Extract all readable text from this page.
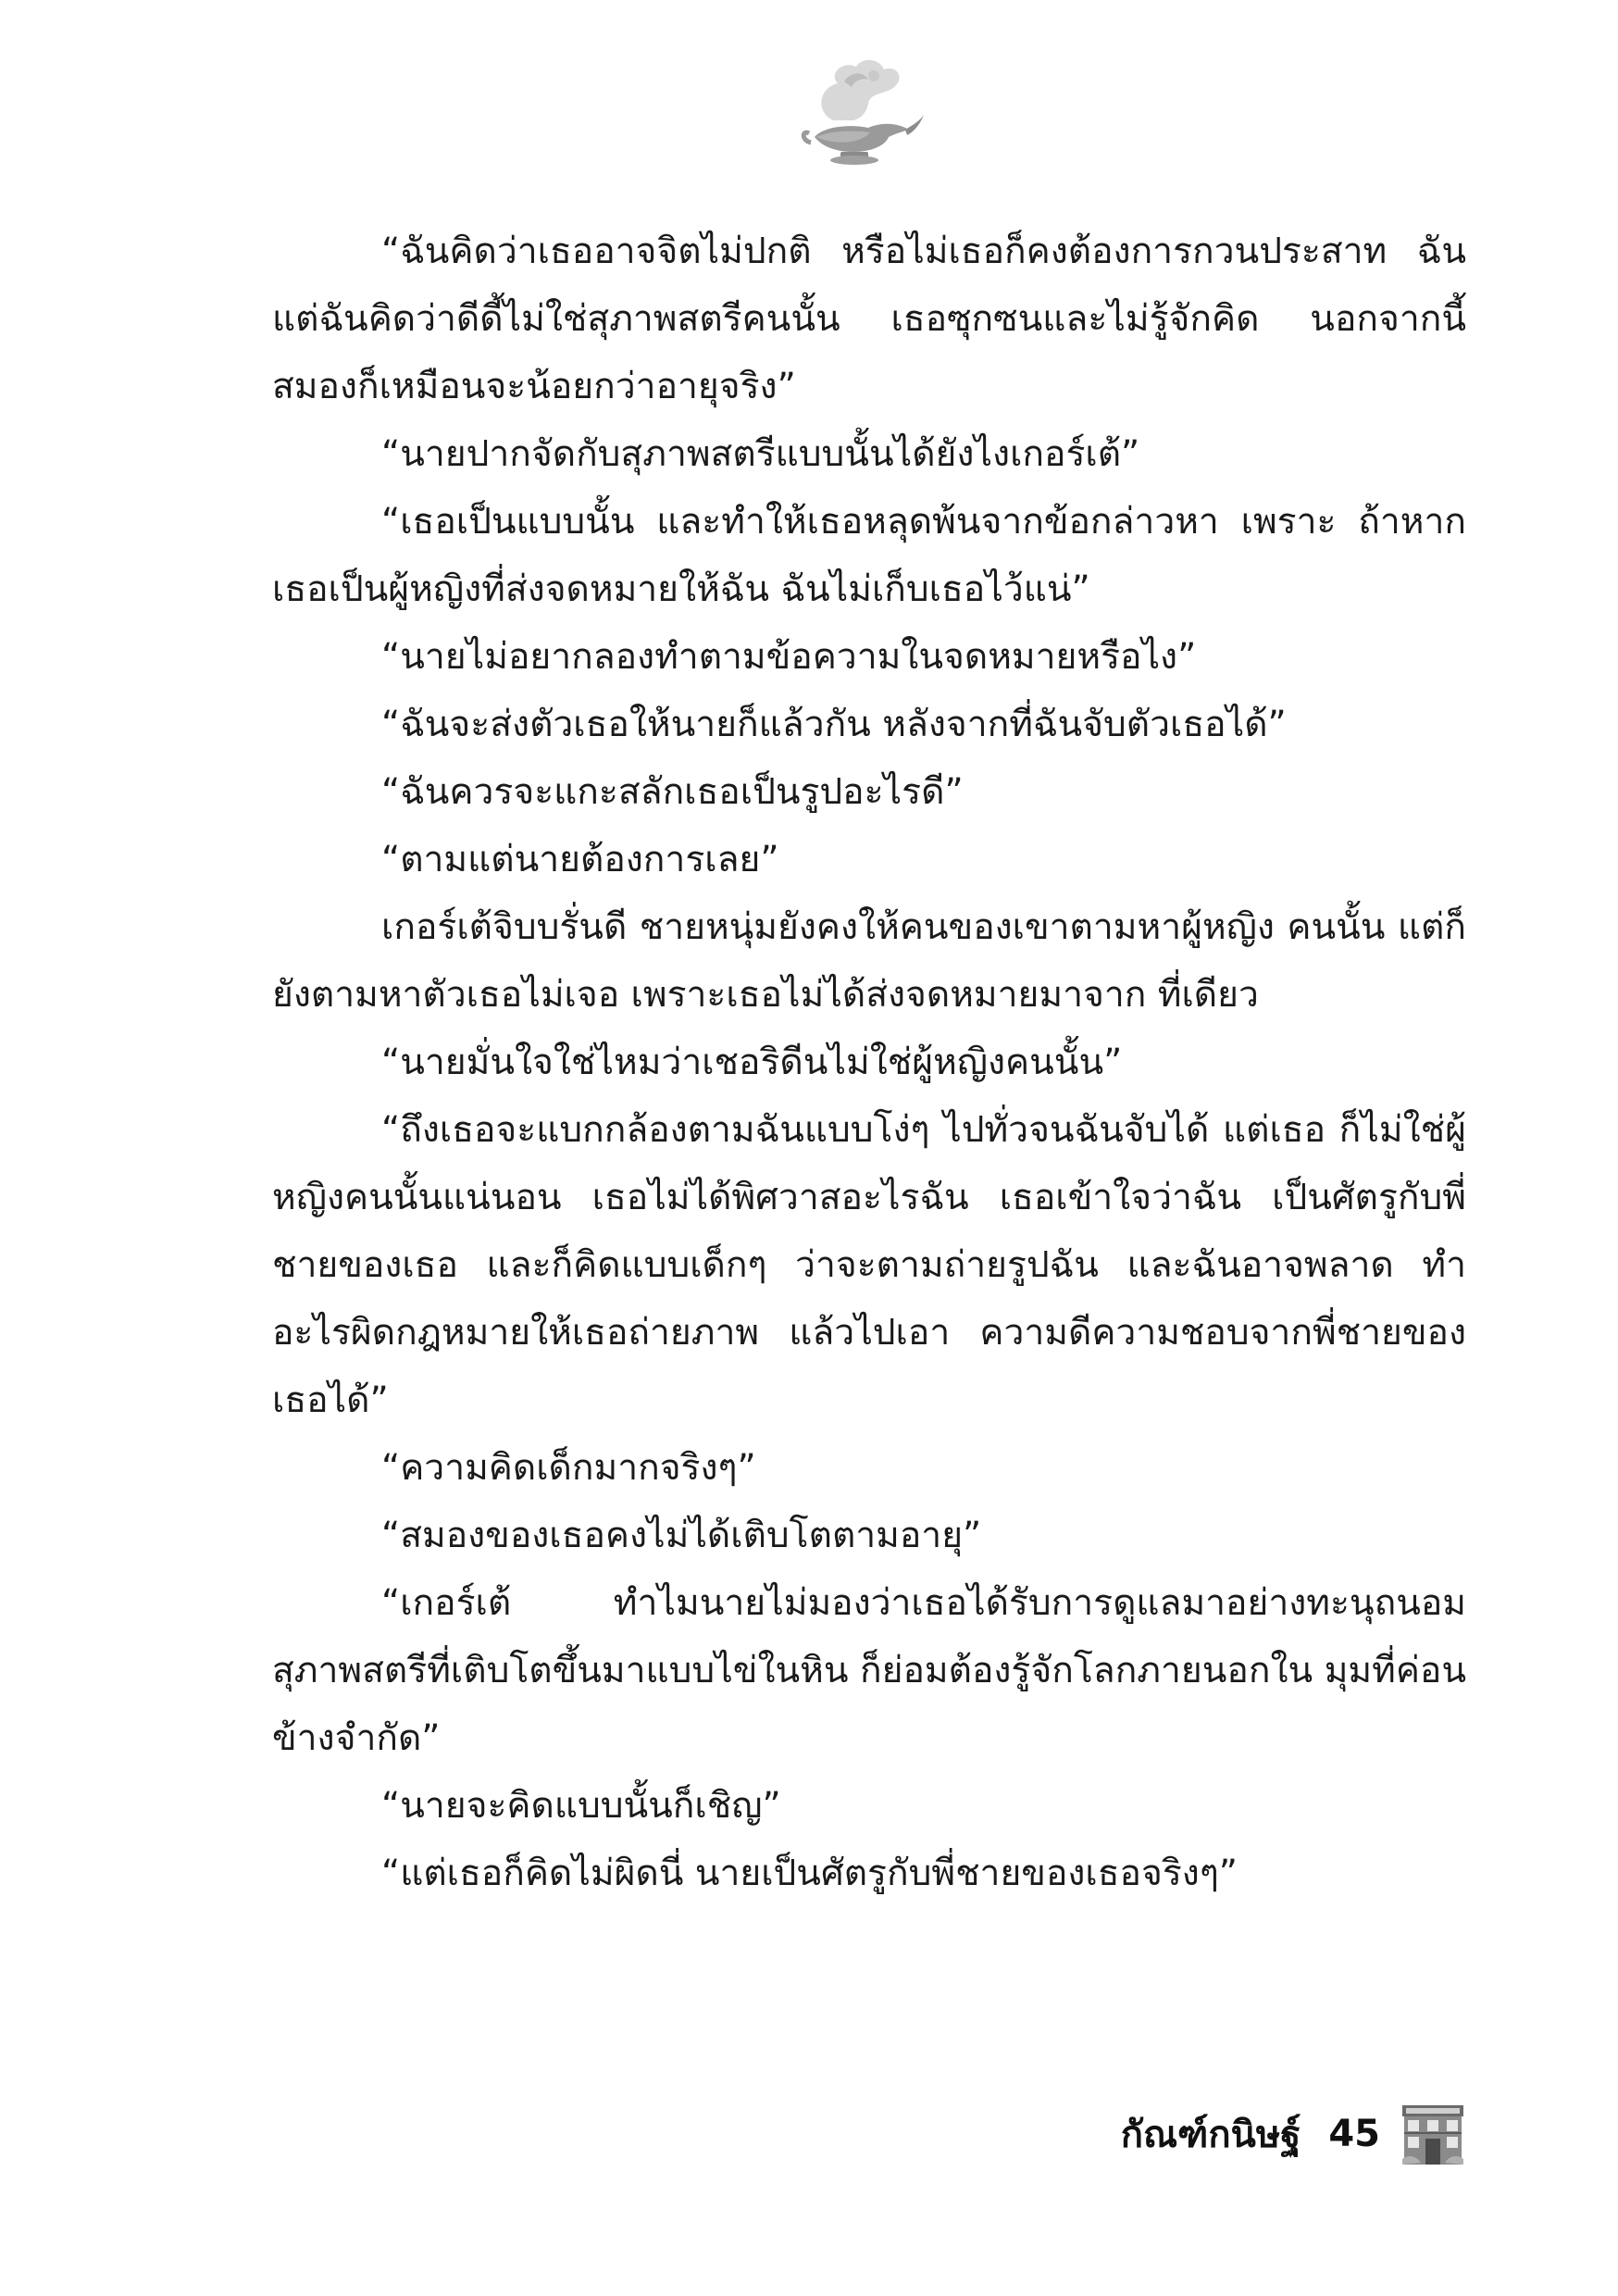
“ฉันคิดว่าเธออาจจิตไม่ปกติ หรือไม่เธอก็คงต้องการกวนประสาท ฉัน แต่ฉันคิดว่าดีดี้ไม่ใช่สุภาพสตรีคนนั้น เธอซุกซนและไม่รู้จักคิด นอกจากนี้สมองก็เหมือนจะน้อยกว่าอายุจริง”

“นายปากจัดกับสุภาพสตรีแบบนั้นได้ยังไงเกอร์เต้”

“เธอเป็นแบบนั้น และทำให้เธอหลุดพ้นจากข้อกล่าวหา เพราะ ถ้าหากเธอเป็นผู้หญิงที่ส่งจดหมายให้ฉัน ฉันไม่เก็บเธอไว้แน่”

“นายไม่อยากลองทำตามข้อความในจดหมายหรือไง”

“ฉันจะส่งตัวเธอให้นายก็แล้วกัน หลังจากที่ฉันจับตัวเธอได้”

“ฉันควรจะแกะสลักเธอเป็นรูปอะไรดี”

“ตามแต่นายต้องการเลย”

เกอร์เต้จิบบรั่นดี ชายหนุ่มยังคงให้คนของเขาตามหาผู้หญิง คนนั้น แต่ก็ยังตามหาตัวเธอไม่เจอ เพราะเธอไม่ได้ส่งจดหมายมาจาก ที่เดียว

“นายมั่นใจใช่ไหมว่าเชอริดีนไม่ใช่ผู้หญิงคนนั้น”

“ถึงเธอจะแบกกล้องตามฉันแบบโง่ๆ ไปทั่วจนฉันจับได้ แต่เธอ ก็ไม่ใช่ผู้หญิงคนนั้นแน่นอน เธอไม่ได้พิศวาสอะไรฉัน เธอเข้าใจว่าฉัน เป็นศัตรูกับพี่ชายของเธอ และก็คิดแบบเด็กๆ ว่าจะตามถ่ายรูปฉัน และฉันอาจพลาด ทำอะไรผิดกฎหมายให้เธอถ่ายภาพ แล้วไปเอา ความดีความชอบจากพี่ชายของเธอได้”

“ความคิดเด็กมากจริงๆ”

“สมองของเธอคงไม่ได้เติบโตตามอายุ”

“เกอร์เต้ ทำไมนายไม่มองว่าเธอได้รับการดูแลมาอย่างทะนุถนอม สุภาพสตรีที่เติบโตขึ้นมาแบบไข่ในหิน ก็ย่อมต้องรู้จักโลกภายนอกใน มุมที่ค่อนข้างจำกัด”

“นายจะคิดแบบนั้นก็เชิญ”

“แต่เธอก็คิดไม่ผิดนี่ นายเป็นศัตรูกับพี่ชายของเธอจริงๆ”

กัณฑ์กนิษฐ์ 45
